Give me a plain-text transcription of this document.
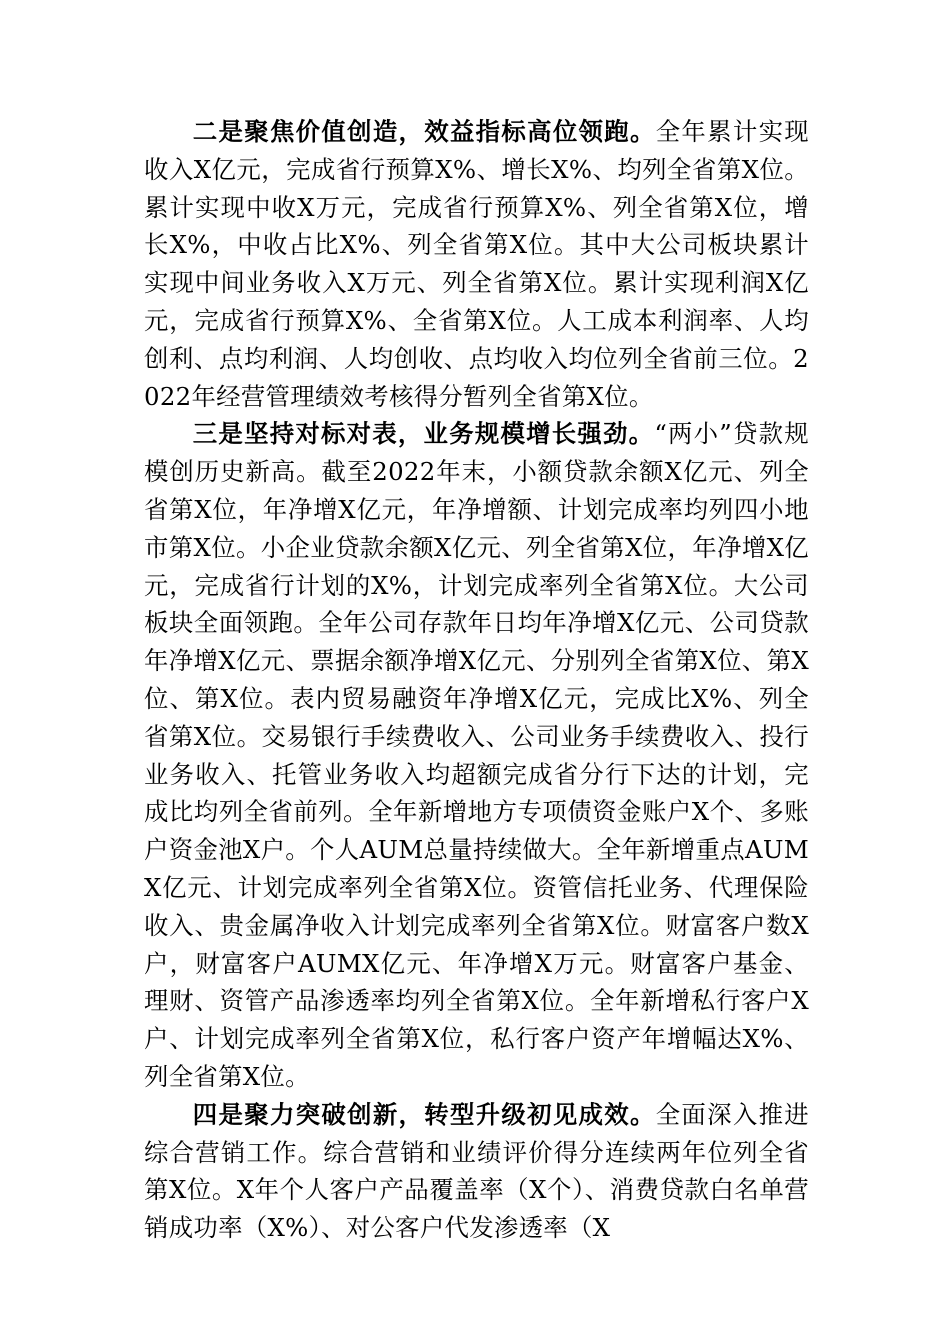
二是聚焦价值创造，效益指标高位领跑。全年累计实现收入X亿元，完成省行预算X%、增长X%、均列全省第X位。累计实现中收X万元，完成省行预算X%、列全省第X位，增长X%，中收占比X%、列全省第X位。其中大公司板块累计实现中间业务收入X万元、列全省第X位。累计实现利润X亿元，完成省行预算X%、全省第X位。人工成本利润率、人均创利、点均利润、人均创收、点均收入均位列全省前三位。2022年经营管理绩效考核得分暂列全省第X位。

三是坚持对标对表，业务规模增长强劲。“两小”贷款规模创历史新高。截至2022年末，小额贷款余额X亿元、列全省第X位，年净增X亿元，年净增额、计划完成率均列四小地市第X位。小企业贷款余额X亿元、列全省第X位，年净增X亿元，完成省行计划的X%，计划完成率列全省第X位。大公司板块全面领跑。全年公司存款年日均年净增X亿元、公司贷款年净增X亿元、票据余额净增X亿元、分别列全省第X位、第X位、第X位。表内贸易融资年净增X亿元，完成比X%、列全省第X位。交易银行手续费收入、公司业务手续费收入、投行业务收入、托管业务收入均超额完成省分行下达的计划，完成比均列全省前列。全年新增地方专项债资金账户X个、多账户资金池X户。个人AUM总量持续做大。全年新增重点AUMX亿元、计划完成率列全省第X位。资管信托业务、代理保险收入、贵金属净收入计划完成率列全省第X位。财富客户数X户，财富客户AUMX亿元、年净增X万元。财富客户基金、理财、资管产品渗透率均列全省第X位。全年新增私行客户X户、计划完成率列全省第X位，私行客户资产年增幅达X%、列全省第X位。

四是聚力突破创新，转型升级初见成效。全面深入推进综合营销工作。综合营销和业绩评价得分连续两年位列全省第X位。X年个人客户产品覆盖率（X个）、消费贷款白名单营销成功率（X%）、对公客户代发渗透率（X
